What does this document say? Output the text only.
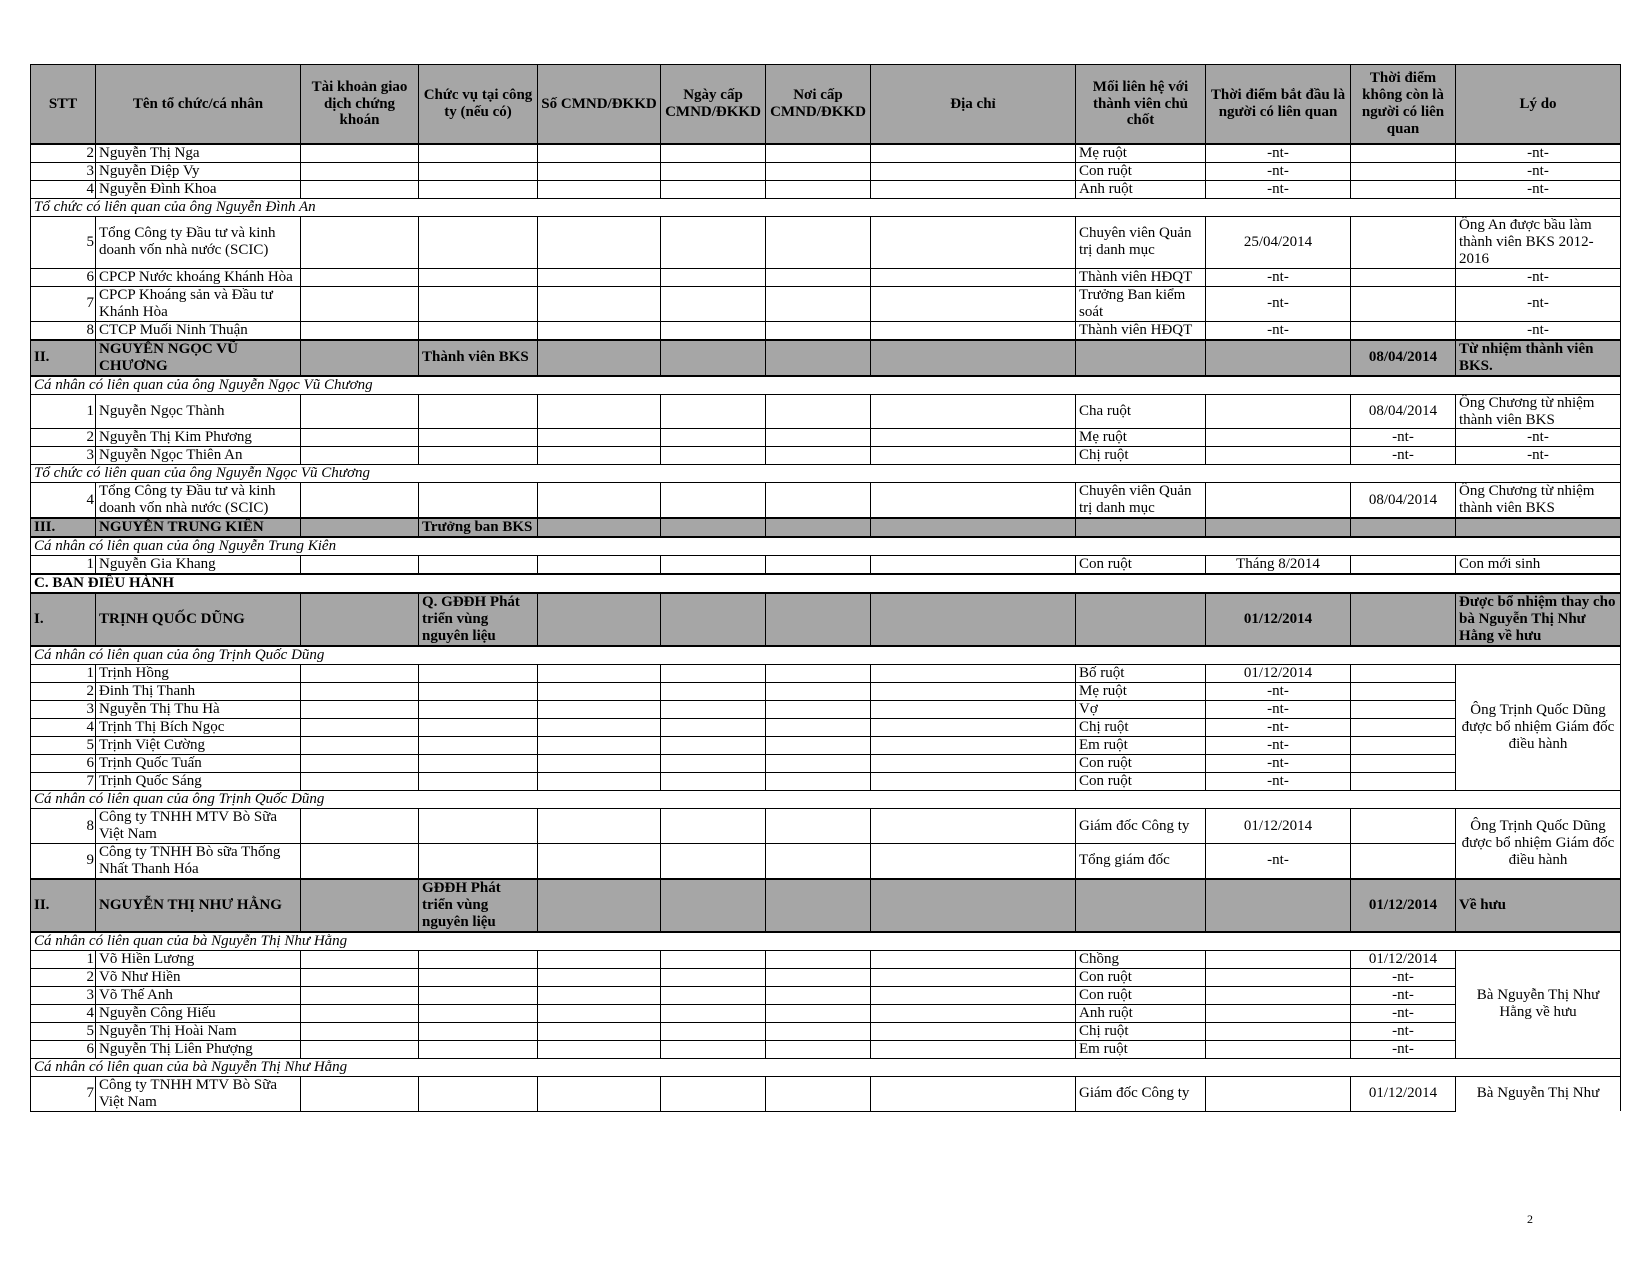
STT	Tên tổ chức/cá nhân	Tài khoản giao dịch chứng khoán	Chức vụ tại công ty (nếu có)	Số CMND/ĐKKD	Ngày cấp CMND/ĐKKD	Nơi cấp CMND/ĐKKD	Địa chỉ	Mối liên hệ với thành viên chủ chốt	Thời điểm bắt đầu là người có liên quan	Thời điểm không còn là người có liên quan	Lý do
2	Nguyễn Thị Nga							Mẹ ruột	-nt-		-nt-
3	Nguyễn Diệp Vy							Con ruột	-nt-		-nt-
4	Nguyễn Đình Khoa							Anh ruột	-nt-		-nt-
Tổ chức có liên quan của ông Nguyễn Đình An											
5	Tổng Công ty Đầu tư và kinh doanh vốn nhà nước (SCIC)							Chuyên viên Quản trị danh mục	25/04/2014		Ông An được bầu làm thành viên BKS 2012-2016
6	CPCP Nước khoáng Khánh Hòa							Thành viên HĐQT	-nt-		-nt-
7	CPCP Khoáng sản và Đầu tư Khánh Hòa							Trưởng Ban kiểm soát	-nt-		-nt-
8	CTCP Muối Ninh Thuận							Thành viên HĐQT	-nt-		-nt-
II.	NGUYỄN NGỌC VŨ CHƯƠNG		Thành viên BKS							08/04/2014	Từ nhiệm thành viên BKS.
Cá nhân có liên quan của ông Nguyễn Ngọc Vũ Chương											
1	Nguyễn Ngọc Thành							Cha ruột		08/04/2014	Ông Chương từ nhiệm thành viên BKS
2	Nguyễn Thị Kim Phương							Mẹ ruột		-nt-	-nt-
3	Nguyễn Ngọc Thiên An							Chị ruột		-nt-	-nt-
Tổ chức có liên quan của ông Nguyễn Ngọc Vũ Chương											
4	Tổng Công ty Đầu tư và kinh doanh vốn nhà nước (SCIC)							Chuyên viên Quản trị danh mục		08/04/2014	Ông Chương từ nhiệm thành viên BKS
III.	NGUYỄN TRUNG KIÊN		Trưởng ban BKS								
Cá nhân có liên quan của ông Nguyễn Trung Kiên											
1	Nguyễn Gia Khang							Con ruột	Tháng 8/2014		Con mới sinh
C. BAN ĐIỀU HÀNH											
I.	TRỊNH QUỐC DŨNG		Q. GĐĐH Phát triển vùng nguyên liệu						01/12/2014		Được bổ nhiệm thay cho bà Nguyễn Thị Như Hằng về hưu
Cá nhân có liên quan của ông Trịnh Quốc Dũng											
1	Trịnh Hồng							Bố ruột	01/12/2014		Ông Trịnh Quốc Dũng được bổ nhiệm Giám đốc điều hành
2	Đinh Thị Thanh							Mẹ ruột	-nt-		
3	Nguyễn Thị Thu Hà							Vợ	-nt-		
4	Trịnh Thị Bích Ngọc							Chị ruột	-nt-		
5	Trịnh Việt Cường							Em ruột	-nt-		
6	Trịnh Quốc Tuấn							Con ruột	-nt-		
7	Trịnh Quốc Sáng							Con ruột	-nt-		
Cá nhân có liên quan của ông Trịnh Quốc Dũng											
8	Công ty TNHH MTV Bò Sữa Việt Nam							Giám đốc Công ty	01/12/2014		Ông Trịnh Quốc Dũng được bổ nhiệm Giám đốc điều hành
9	Công ty TNHH Bò sữa Thống Nhất Thanh Hóa							Tổng giám đốc	-nt-		
II.	NGUYỄN THỊ NHƯ HẰNG		GĐĐH Phát triển vùng nguyên liệu							01/12/2014	Về hưu
Cá nhân có liên quan của bà Nguyễn Thị Như Hằng											
1	Võ Hiền Lương							Chồng		01/12/2014	Bà Nguyễn Thị Như Hằng về hưu
2	Võ Như Hiền							Con ruột		-nt-	
3	Võ Thế Anh							Con ruột		-nt-	
4	Nguyễn Công Hiếu							Anh ruột		-nt-	
5	Nguyễn Thị Hoài Nam							Chị ruột		-nt-	
6	Nguyễn Thị Liên Phượng							Em ruột		-nt-	
Cá nhân có liên quan của bà Nguyễn Thị Như Hằng											
7	Công ty TNHH MTV Bò Sữa Việt Nam							Giám đốc Công ty		01/12/2014	Bà Nguyễn Thị Như
2
